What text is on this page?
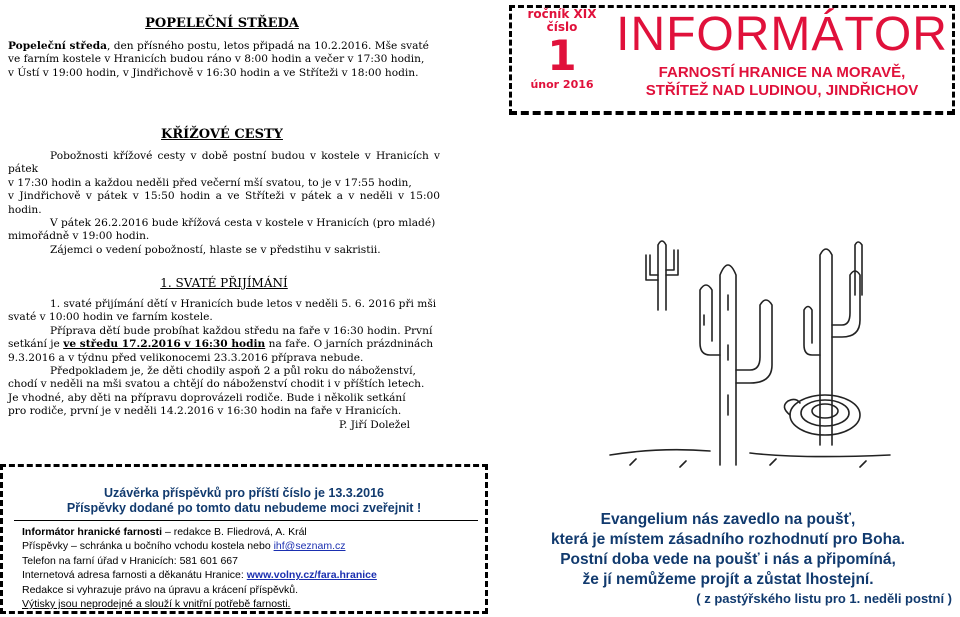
POPELEČNÍ STŘEDA

Popeleční středa, den přísného postu, letos připadá na 10.2.2016. Mše svaté

ve farním kostele v Hranicích budou ráno v 8:00 hodin a večer v 17:30 hodin,

v Ústí v 19:00 hodin, v Jindřichově v 16:30 hodin a ve Stříteži v 18:00 hodin.

ročník XIX
číslo
1
únor 2016
INFORMÁTOR
FARNOSTÍ HRANICE NA MORAVĚ,
STŘÍTEŽ NAD LUDINOU, JINDŘICHOV
KŘÍŽOVÉ CESTY

Pobožnosti křížové cesty v době postní budou v kostele v Hranicích v pátek

v 17:30 hodin a každou neděli před večerní mší svatou, to je v 17:55 hodin,

v Jindřichově v pátek v 15:50 hodin a ve Stříteži v pátek a v neděli v 15:00 hodin.

V pátek 26.2.2016 bude křížová cesta v kostele v Hranicích (pro mladé)

mimořádně v 19:00 hodin.

Zájemci o vedení pobožností, hlaste se v předstihu v sakristii.

1. SVATÉ PŘIJÍMÁNÍ

1. svaté přijímání dětí v Hranicích bude letos v neděli 5. 6. 2016 při mši

svaté v 10:00 hodin ve farním kostele.

Příprava dětí bude probíhat každou středu na faře v 16:30 hodin. První

setkání je ve středu 17.2.2016 v 16:30 hodin na faře. O jarních prázdninách

9.3.2016 a v týdnu před velikonocemi 23.3.2016 příprava nebude.

Předpokladem je, že děti chodily aspoň 2 a půl roku do náboženství,

chodí v neděli na mši svatou a chtějí do náboženství chodit i v příštích letech.

Je vhodné, aby děti na přípravu doprovázeli rodiče. Bude i několik setkání

pro rodiče, první je v neděli 14.2.2016 v 16:30 hodin na faře v Hranicích.

P. Jiří Doležel

Uzávěrka příspěvků pro příští číslo je 13.3.2016
Příspěvky dodané po tomto datu nebudeme moci zveřejnit !
Informátor hranické farnosti – redakce B. Fliedrová, A. Král
Příspěvky – schránka u bočního vchodu kostela nebo ihf@seznam.cz
Telefon na farní úřad v Hranicích: 581 601 667
Internetová adresa farnosti a děkanátu Hranice: www.volny.cz/fara.hranice
Redakce si vyhrazuje právo na úpravu a krácení příspěvků.
Výtisky jsou neprodejné a slouží k vnitřní potřebě farnosti.
Evangelium nás zavedlo na poušť,
která je místem zásadního rozhodnutí pro Boha.
Postní doba vede na poušť i nás a připomíná,
že jí nemůžeme projít a zůstat lhostejní.
( z pastýřského listu pro 1. neděli postní )
